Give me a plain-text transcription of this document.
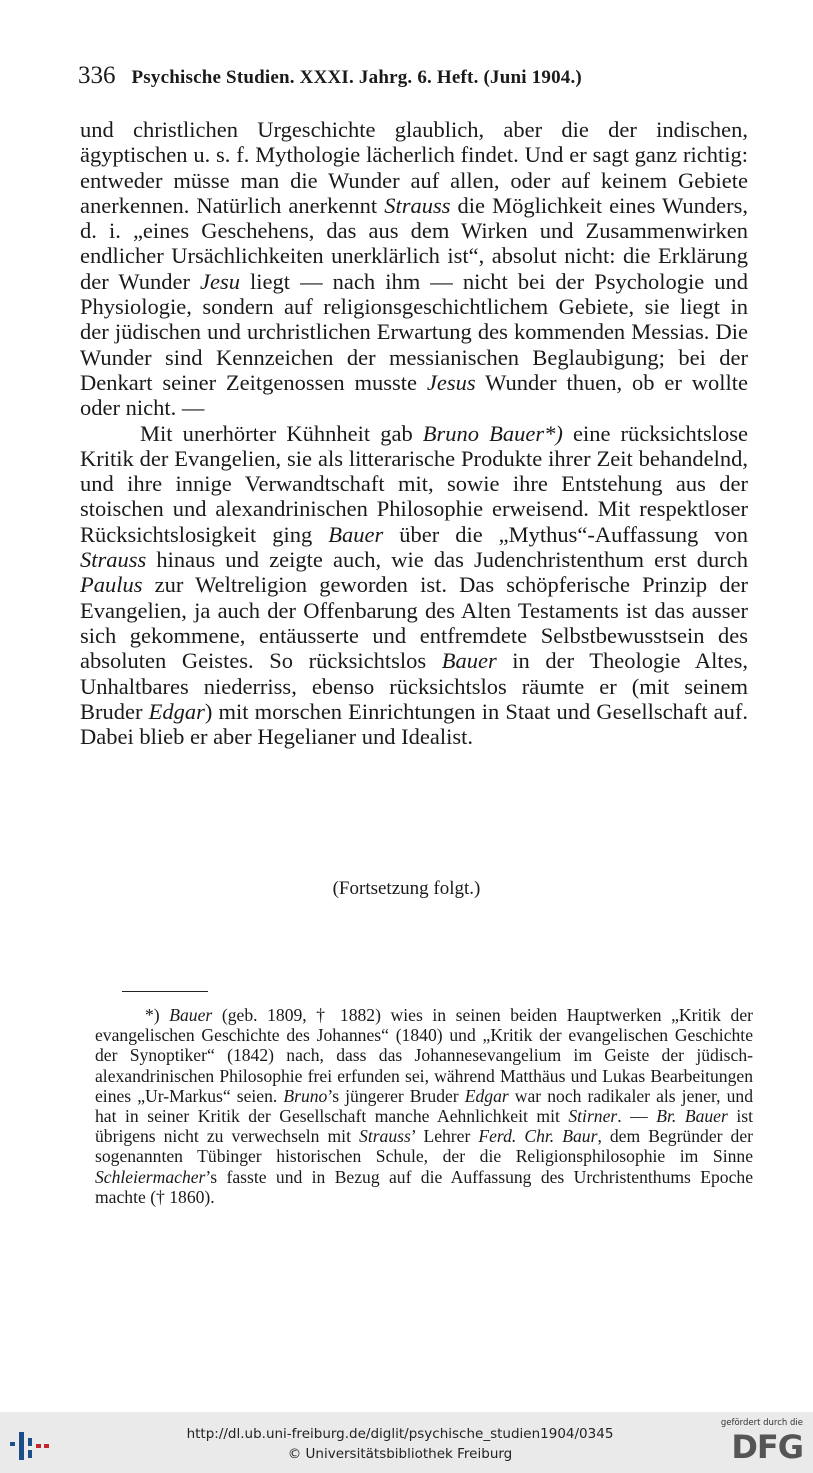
336 Psychische Studien. XXXI. Jahrg. 6. Heft. (Juni 1904.)

und christlichen Urgeschichte glaublich, aber die der indischen, ägyptischen u. s. f. Mythologie lächerlich findet. Und er sagt ganz richtig: entweder müsse man die Wunder auf allen, oder auf keinem Gebiete anerkennen. Natürlich anerkennt Strauss die Möglichkeit eines Wunders, d. i. „eines Geschehens, das aus dem Wirken und Zusammenwirken endlicher Ursächlichkeiten unerklärlich ist“, absolut nicht: die Erklärung der Wunder Jesu liegt — nach ihm — nicht bei der Psychologie und Physiologie, sondern auf religionsgeschichtlichem Gebiete, sie liegt in der jüdischen und urchristlichen Erwartung des kommenden Messias. Die Wunder sind Kennzeichen der messianischen Beglaubigung; bei der Denkart seiner Zeitgenossen musste Jesus Wunder thuen, ob er wollte oder nicht. —

Mit unerhörter Kühnheit gab Bruno Bauer*) eine rücksichtslose Kritik der Evangelien, sie als litterarische Produkte ihrer Zeit behandelnd, und ihre innige Verwandtschaft mit, sowie ihre Entstehung aus der stoischen und alexandrinischen Philosophie erweisend. Mit respektloser Rücksichtslosigkeit ging Bauer über die „Mythus“-Auffassung von Strauss hinaus und zeigte auch, wie das Judenchristenthum erst durch Paulus zur Weltreligion geworden ist. Das schöpferische Prinzip der Evangelien, ja auch der Offenbarung des Alten Testaments ist das ausser sich gekommene, entäusserte und entfremdete Selbstbewusstsein des absoluten Geistes. So rücksichtslos Bauer in der Theologie Altes, Unhaltbares niederriss, ebenso rücksichtslos räumte er (mit seinem Bruder Edgar) mit morschen Einrichtungen in Staat und Gesellschaft auf. Dabei blieb er aber Hegelianer und Idealist.

(Fortsetzung folgt.)

*) Bauer (geb. 1809, † 1882) wies in seinen beiden Hauptwerken „Kritik der evangelischen Geschichte des Johannes“ (1840) und „Kritik der evangelischen Geschichte der Synoptiker“ (1842) nach, dass das Johannesevangelium im Geiste der jüdisch-alexandrinischen Philosophie frei erfunden sei, während Matthäus und Lukas Bearbeitungen eines „Ur-Markus“ seien. Bruno’s jüngerer Bruder Edgar war noch radikaler als jener, und hat in seiner Kritik der Gesellschaft manche Aehnlichkeit mit Stirner. — Br. Bauer ist übrigens nicht zu verwechseln mit Strauss’ Lehrer Ferd. Chr. Baur, dem Begründer der sogenannten Tübinger historischen Schule, der die Religionsphilosophie im Sinne Schleiermacher’s fasste und in Bezug auf die Auffassung des Urchristenthums Epoche machte († 1860).

http://dl.ub.uni-freiburg.de/diglit/psychische_studien1904/0345
© Universitätsbibliothek Freiburg
gefördert durch die
DFG
